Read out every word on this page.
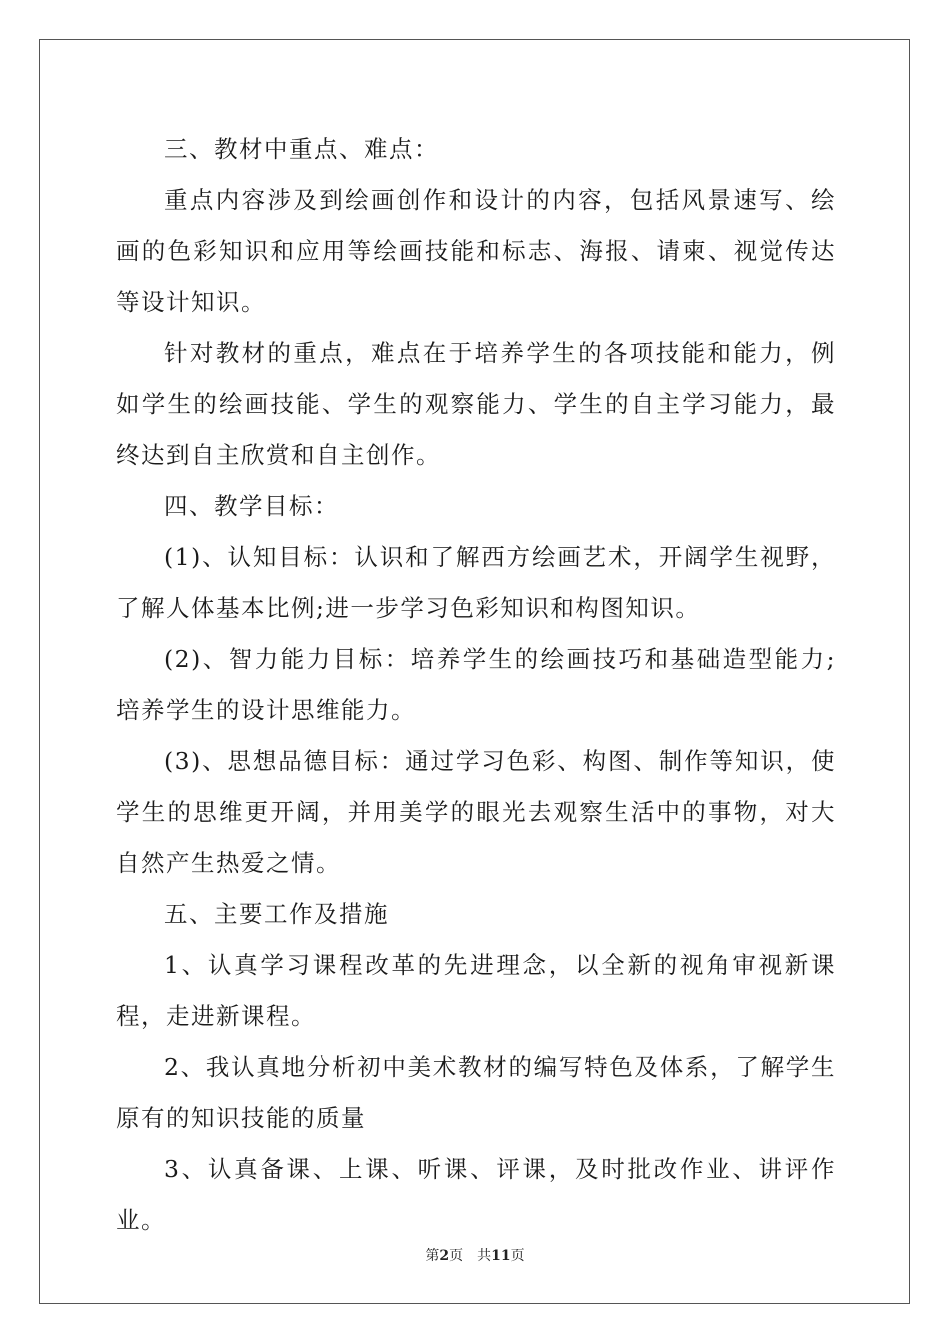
三、教材中重点、难点：

重点内容涉及到绘画创作和设计的内容，包括风景速写、绘画的色彩知识和应用等绘画技能和标志、海报、请柬、视觉传达等设计知识。

针对教材的重点，难点在于培养学生的各项技能和能力，例如学生的绘画技能、学生的观察能力、学生的自主学习能力，最终达到自主欣赏和自主创作。

四、教学目标：

(1)、认知目标：认识和了解西方绘画艺术，开阔学生视野，了解人体基本比例;进一步学习色彩知识和构图知识。

(2)、智力能力目标：培养学生的绘画技巧和基础造型能力;培养学生的设计思维能力。

(3)、思想品德目标：通过学习色彩、构图、制作等知识，使学生的思维更开阔，并用美学的眼光去观察生活中的事物，对大自然产生热爱之情。

五、主要工作及措施

1、认真学习课程改革的先进理念，以全新的视角审视新课程，走进新课程。

2、我认真地分析初中美术教材的编写特色及体系，了解学生原有的知识技能的质量

3、认真备课、上课、听课、评课，及时批改作业、讲评作业。

第2页 共11页
